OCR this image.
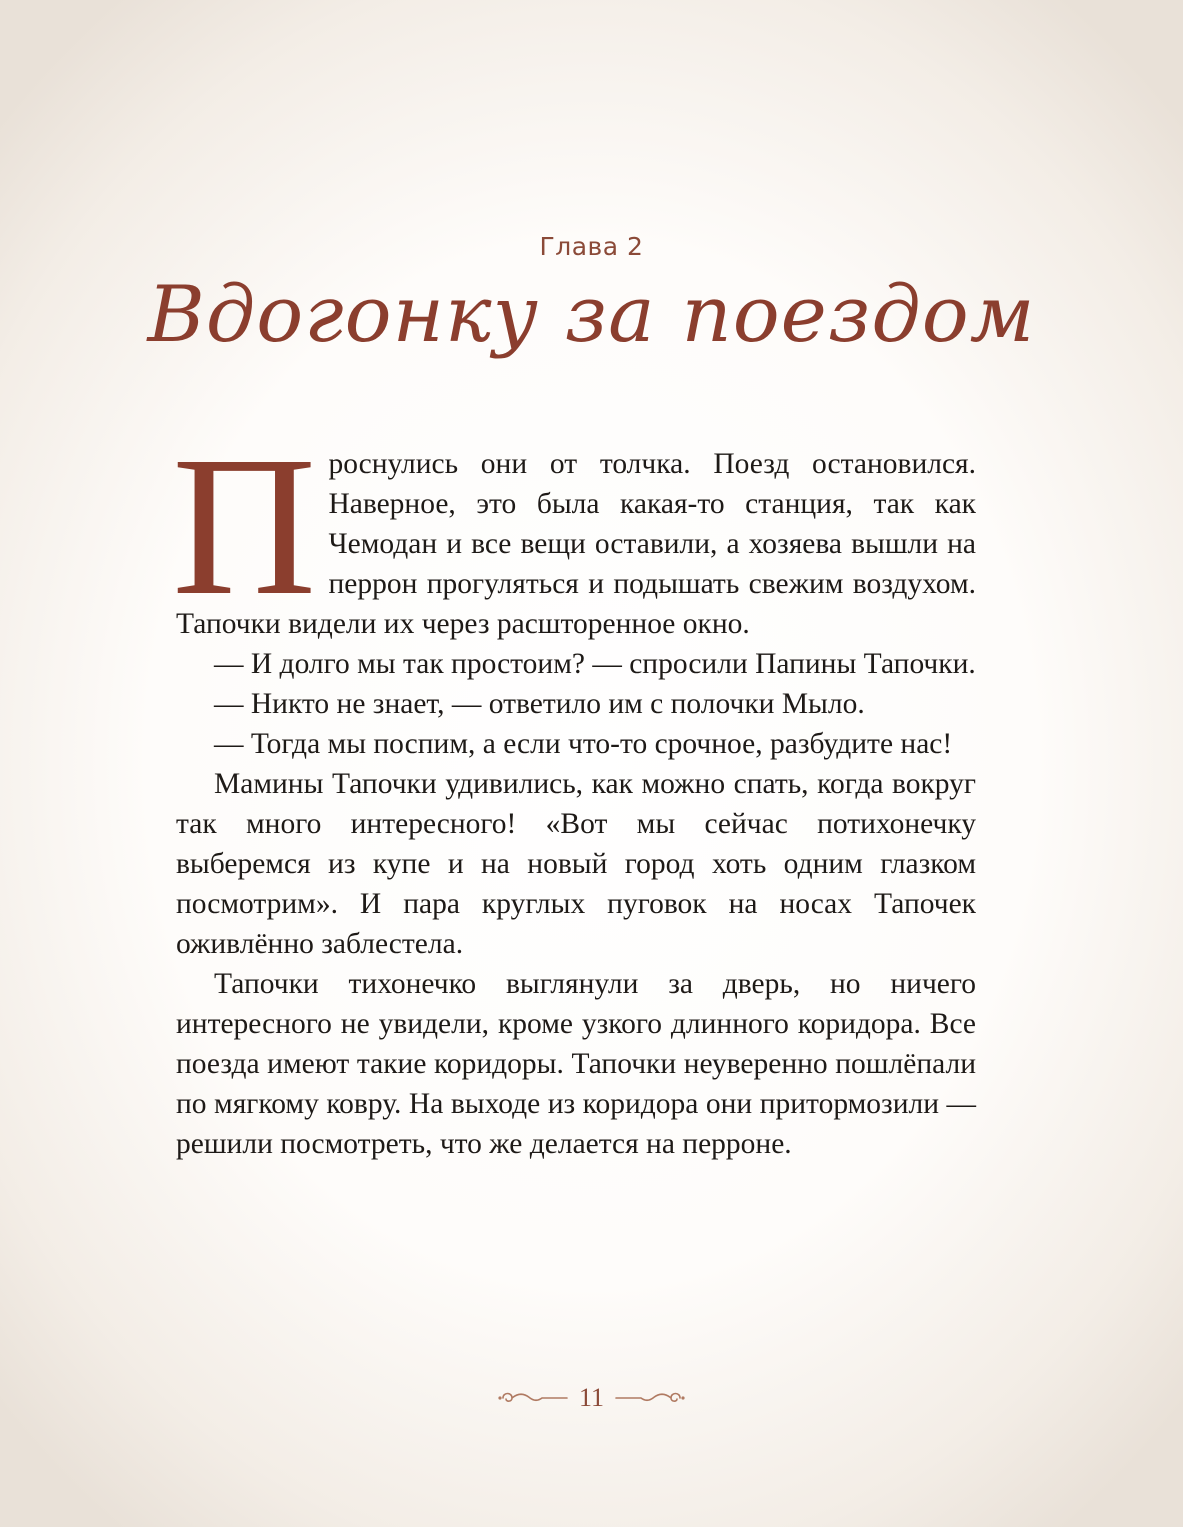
Глава 2
Вдогонку за поездом

Проснулись они от толчка. Поезд остановился. Наверное, это была какая-то станция, так как Чемодан и все вещи оставили, а хозяева вышли на перрон прогуляться и подышать свежим воздухом. Тапочки видели их через расшторенное окно.

— И долго мы так простоим? — спросили Папины Тапочки.

— Никто не знает, — ответило им с полочки Мыло.

— Тогда мы поспим, а если что-то срочное, разбудите нас!

Мамины Тапочки удивились, как можно спать, когда вокруг так много интересного! «Вот мы сейчас потихонечку выберемся из купе и на новый город хоть одним глазком посмотрим». И пара круглых пуговок на носах Тапочек оживлённо заблестела.

Тапочки тихонечко выглянули за дверь, но ничего интересного не увидели, кроме узкого длинного коридора. Все поезда имеют такие коридоры. Тапочки неуверенно пошлёпали по мягкому ковру. На выходе из коридора они притормозили — решили посмотреть, что же делается на перроне.

11
